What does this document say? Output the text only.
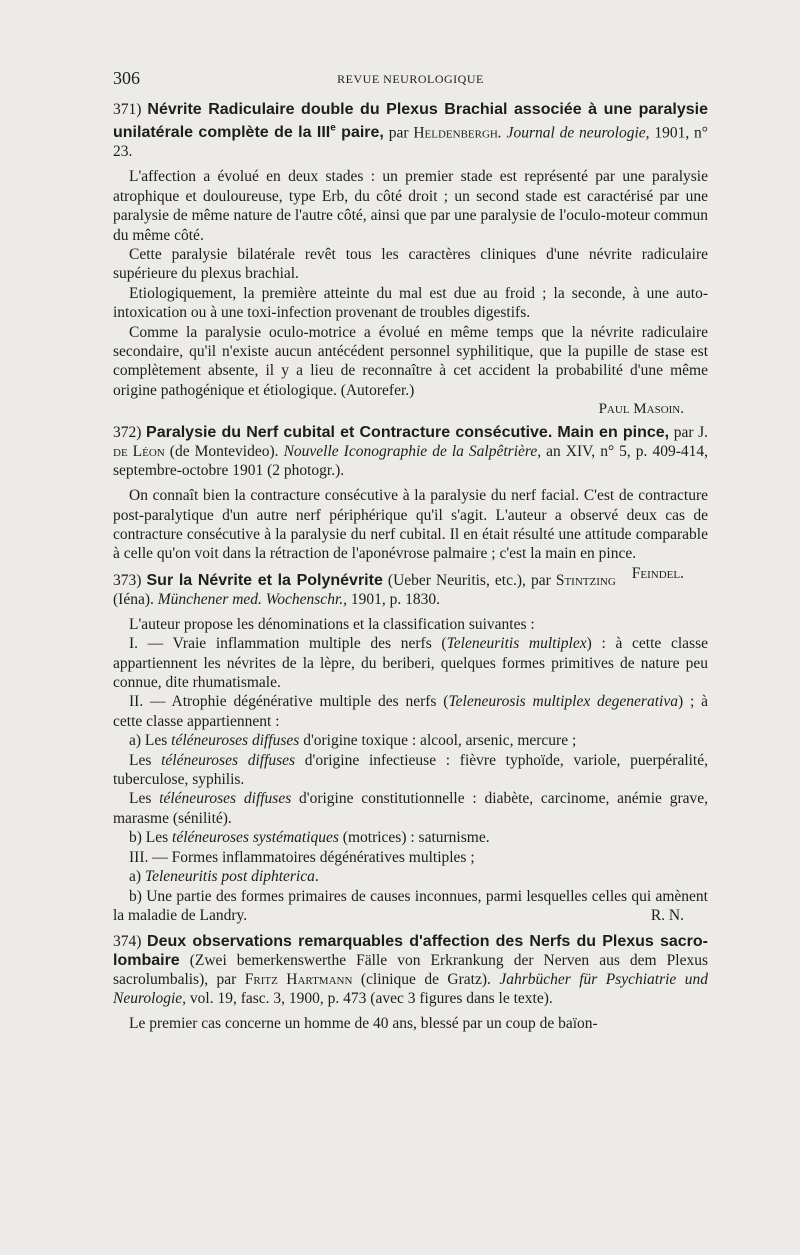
306	REVUE NEUROLOGIQUE

371) Névrite Radiculaire double du Plexus Brachial associée à une paralysie unilatérale complète de la IIIe paire, par Heldenbergh. Journal de neurologie, 1901, n° 23.

L'affection a évolué en deux stades : un premier stade est représenté par une paralysie atrophique et douloureuse, type Erb, du côté droit ; un second stade est caractérisé par une paralysie de même nature de l'autre côté, ainsi que par une paralysie de l'oculo-moteur commun du même côté.

Cette paralysie bilatérale revêt tous les caractères cliniques d'une névrite radiculaire supérieure du plexus brachial.

Etiologiquement, la première atteinte du mal est due au froid ; la seconde, à une auto-intoxication ou à une toxi-infection provenant de troubles digestifs.

Comme la paralysie oculo-motrice a évolué en même temps que la névrite radiculaire secondaire, qu'il n'existe aucun antécédent personnel syphilitique, que la pupille de stase est complètement absente, il y a lieu de reconnaître à cet accident la probabilité d'une même origine pathogénique et étiologique. (Autorefer.)

Paul Masoin.

372) Paralysie du Nerf cubital et Contracture consécutive. Main en pince, par J. de Léon (de Montevideo). Nouvelle Iconographie de la Salpêtrière, an XIV, n° 5, p. 409-414, septembre-octobre 1901 (2 photogr.).

On connaît bien la contracture consécutive à la paralysie du nerf facial. C'est de contracture post-paralytique d'un autre nerf périphérique qu'il s'agit. L'auteur a observé deux cas de contracture consécutive à la paralysie du nerf cubital. Il en était résulté une attitude comparable à celle qu'on voit dans la rétraction de l'aponévrose palmaire ; c'est la main en pince.
Feindel.

373) Sur la Névrite et la Polynévrite (Ueber Neuritis, etc.), par Stintzing (Iéna). Münchener med. Wochenschr., 1901, p. 1830.

L'auteur propose les dénominations et la classification suivantes :

I. — Vraie inflammation multiple des nerfs (Teleneuritis multiplex) : à cette classe appartiennent les névrites de la lèpre, du beriberi, quelques formes primitives de nature peu connue, dite rhumatismale.

II. — Atrophie dégénérative multiple des nerfs (Teleneurosis multiplex degenerativa) ; à cette classe appartiennent :

a) Les téléneuroses diffuses d'origine toxique : alcool, arsenic, mercure ;

Les téléneuroses diffuses d'origine infectieuse : fièvre typhoïde, variole, puerpéralité, tuberculose, syphilis.

Les téléneuroses diffuses d'origine constitutionnelle : diabète, carcinome, anémie grave, marasme (sénilité).

b) Les téléneuroses systématiques (motrices) : saturnisme.

III. — Formes inflammatoires dégénératives multiples ;

a) Teleneuritis post diphterica.

b) Une partie des formes primaires de causes inconnues, parmi lesquelles celles qui amènent la maladie de Landry.	R. N.

374) Deux observations remarquables d'affection des Nerfs du Plexus sacro-lombaire (Zwei bemerkenswerthe Fälle von Erkrankung der Nerven aus dem Plexus sacrolumbalis), par Fritz Hartmann (clinique de Gratz). Jahrbücher für Psychiatrie und Neurologie, vol. 19, fasc. 3, 1900, p. 473 (avec 3 figures dans le texte).

Le premier cas concerne un homme de 40 ans, blessé par un coup de baïon-
